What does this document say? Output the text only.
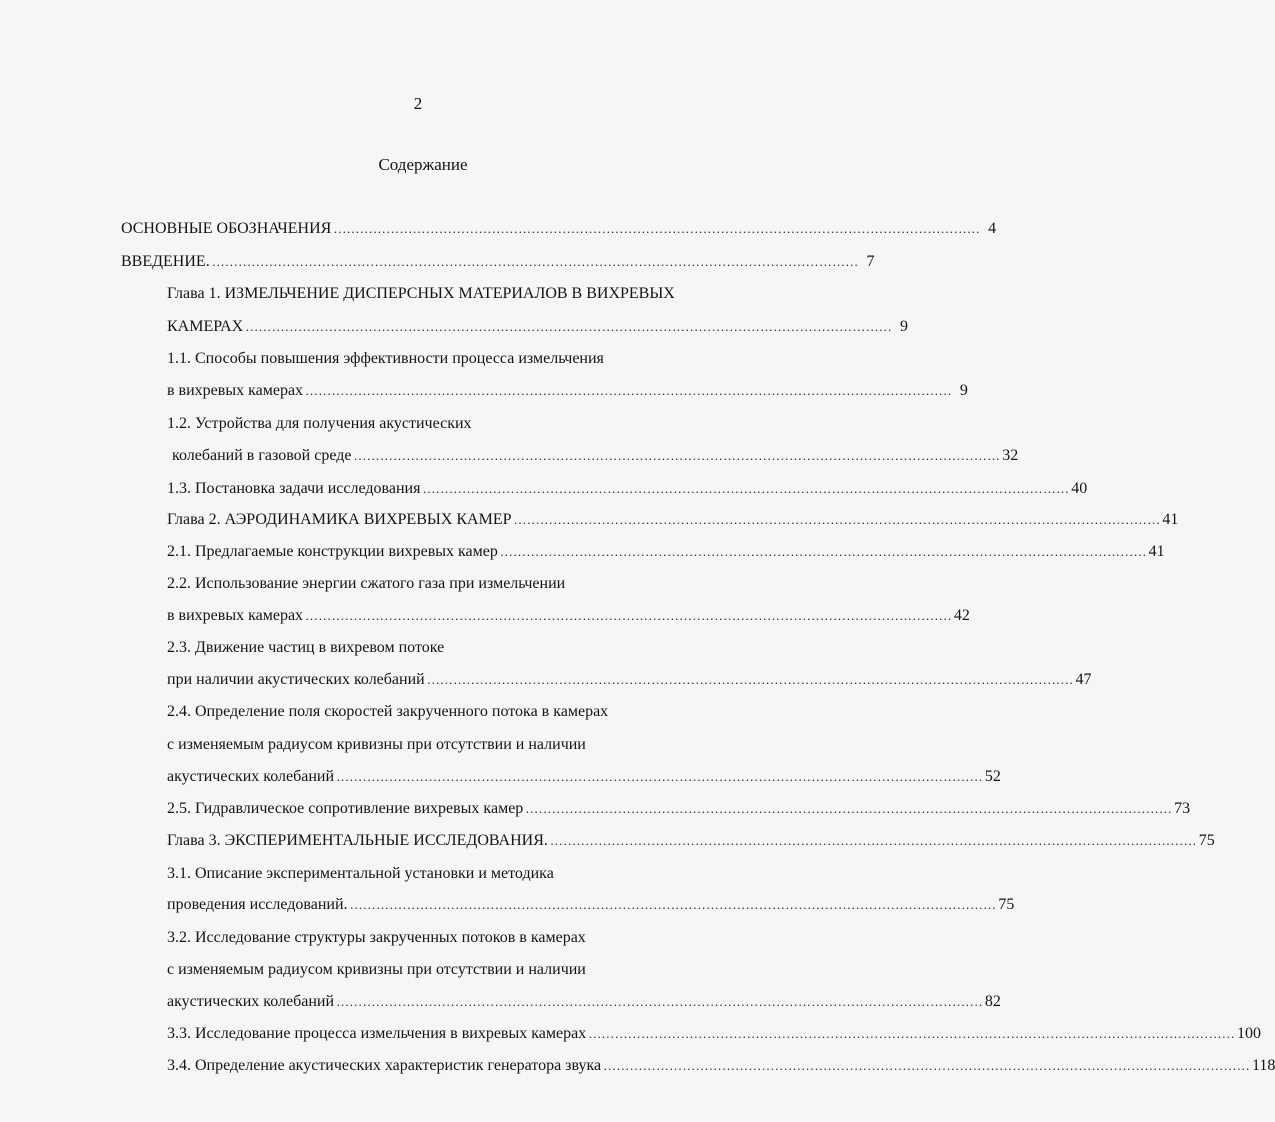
2
Содержание
ОСНОВНЫЕ ОБОЗНАЧЕНИЯ ………………………………………………………………………………………………………………………………… 4
ВВЕДЕНИЕ. ………………………………………………………………………………………………………………………………… 7
Глава 1. ИЗМЕЛЬЧЕНИЕ ДИСПЕРСНЫХ МАТЕРИАЛОВ В ВИХРЕВЫХ
КАМЕРАХ ………………………………………………………………………………………………………………………………… 9
1.1. Способы повышения эффективности процесса измельчения
в вихревых камерах ………………………………………………………………………………………………………………………………… 9
1.2. Устройства для получения акустических
колебаний в газовой среде ………………………………………………………………………………………………………………………………… 32
1.3. Постановка задачи исследования ………………………………………………………………………………………………………………………………… 40
Глава 2. АЭРОДИНАМИКА ВИХРЕВЫХ КАМЕР ………………………………………………………………………………………………………………………………… 41
2.1. Предлагаемые конструкции вихревых камер ………………………………………………………………………………………………………………………………… 41
2.2. Использование энергии сжатого газа при измельчении
в вихревых камерах ………………………………………………………………………………………………………………………………… 42
2.3. Движение частиц в вихревом потоке
при наличии акустических колебаний ………………………………………………………………………………………………………………………………… 47
2.4. Определение поля скоростей закрученного потока в камерах
с изменяемым радиусом кривизны при отсутствии и наличии
акустических колебаний ………………………………………………………………………………………………………………………………… 52
2.5. Гидравлическое сопротивление вихревых камер ………………………………………………………………………………………………………………………………… 73
Глава 3. ЭКСПЕРИМЕНТАЛЬНЫЕ ИССЛЕДОВАНИЯ. ………………………………………………………………………………………………………………………………… 75
3.1. Описание экспериментальной установки и методика
проведения исследований. ………………………………………………………………………………………………………………………………… 75
3.2. Исследование структуры закрученных потоков в камерах
с изменяемым радиусом кривизны при отсутствии и наличии
акустических колебаний ………………………………………………………………………………………………………………………………… 82
3.3. Исследование процесса измельчения в вихревых камерах ………………………………………………………………………………………………………………………………… 100
3.4. Определение акустических характеристик генератора звука ………………………………………………………………………………………………………………………………… 118
